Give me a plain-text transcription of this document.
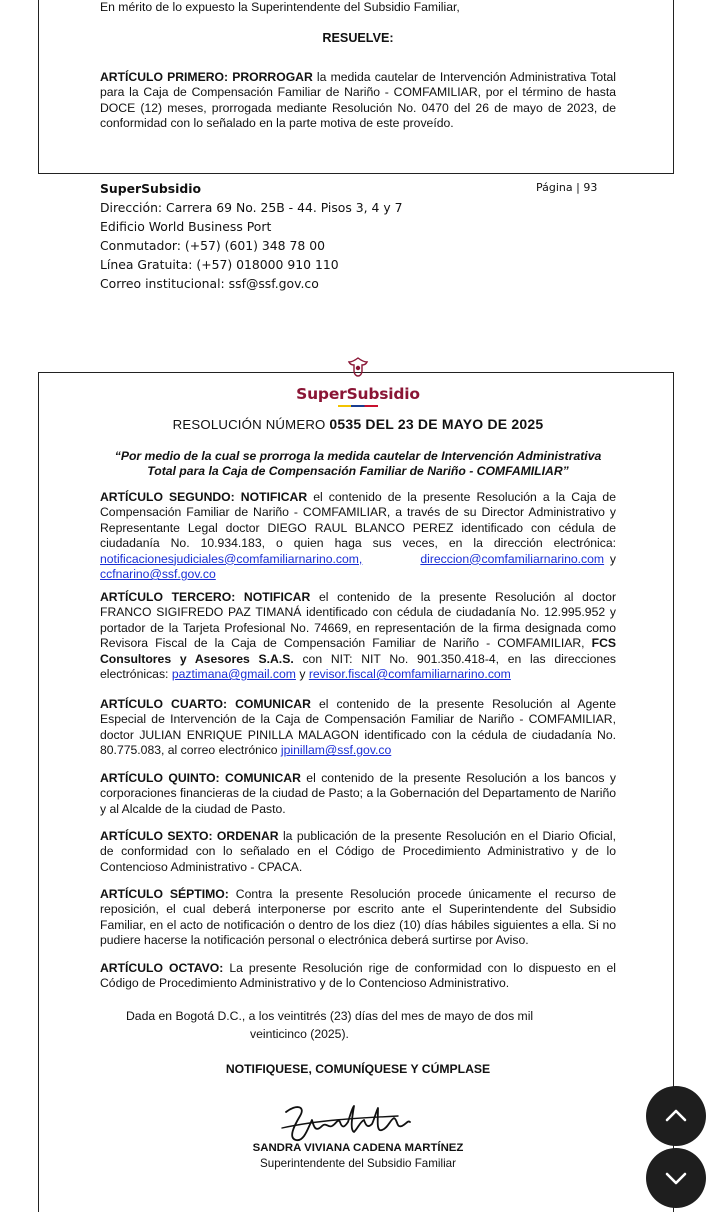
En mérito de lo expuesto la Superintendente del Subsidio Familiar,

RESUELVE:

ARTÍCULO PRIMERO: PRORROGAR la medida cautelar de Intervención Administrativa Total para la Caja de Compensación Familiar de Nariño - COMFAMILIAR, por el término de hasta DOCE (12) meses, prorrogada mediante Resolución No. 0470 del 26 de mayo de 2023, de conformidad con lo señalado en la parte motiva de este proveído.

SuperSubsidio
Dirección: Carrera 69 No. 25B - 44. Pisos 3, 4 y 7
Edificio World Business Port
Conmutador: (+57) (601) 348 78 00
Línea Gratuita: (+57) 018000 910 110
Correo institucional: ssf@ssf.gov.co
Página | 93
SuperSubsidio
RESOLUCIÓN NÚMERO 0535 DEL 23 DE MAYO DE 2025
“Por medio de la cual se prorroga la medida cautelar de Intervención Administrativa Total para la Caja de Compensación Familiar de Nariño - COMFAMILIAR”

ARTÍCULO SEGUNDO: NOTIFICAR el contenido de la presente Resolución a la Caja de Compensación Familiar de Nariño - COMFAMILIAR, a través de su Director Administrativo y Representante Legal doctor DIEGO RAUL BLANCO PEREZ identificado con cédula de ciudadanía No. 10.934.183, o quien haga sus veces, en la dirección electrónica: notificacionesjudiciales@comfamiliarnarino.com,	direccion@comfamiliarnarino.com y ccfnarino@ssf.gov.co

ARTÍCULO TERCERO: NOTIFICAR el contenido de la presente Resolución al doctor FRANCO SIGIFREDO PAZ TIMANÁ identificado con cédula de ciudadanía No. 12.995.952 y portador de la Tarjeta Profesional No. 74669, en representación de la firma designada como Revisora Fiscal de la Caja de Compensación Familiar de Nariño - COMFAMILIAR, FCS Consultores y Asesores S.A.S. con NIT: NIT No. 901.350.418-4, en las direcciones electrónicas: paztimana@gmail.com y revisor.fiscal@comfamiliarnarino.com

ARTÍCULO CUARTO: COMUNICAR el contenido de la presente Resolución al Agente Especial de Intervención de la Caja de Compensación Familiar de Nariño - COMFAMILIAR, doctor JULIAN ENRIQUE PINILLA MALAGON identificado con la cédula de ciudadanía No. 80.775.083, al correo electrónico jpinillam@ssf.gov.co

ARTÍCULO QUINTO: COMUNICAR el contenido de la presente Resolución a los bancos y corporaciones financieras de la ciudad de Pasto; a la Gobernación del Departamento de Nariño y al Alcalde de la ciudad de Pasto.

ARTÍCULO SEXTO: ORDENAR la publicación de la presente Resolución en el Diario Oficial, de conformidad con lo señalado en el Código de Procedimiento Administrativo y de lo Contencioso Administrativo - CPACA.

ARTÍCULO SÉPTIMO: Contra la presente Resolución procede únicamente el recurso de reposición, el cual deberá interponerse por escrito ante el Superintendente del Subsidio Familiar, en el acto de notificación o dentro de los diez (10) días hábiles siguientes a ella. Si no pudiere hacerse la notificación personal o electrónica deberá surtirse por Aviso.

ARTÍCULO OCTAVO: La presente Resolución rige de conformidad con lo dispuesto en el Código de Procedimiento Administrativo y de lo Contencioso Administrativo.

Dada en Bogotá D.C., a los veintitrés (23) días del mes de mayo de dos mil
veinticinco (2025).
NOTIFIQUESE, COMUNÍQUESE Y CÚMPLASE
SANDRA VIVIANA CADENA MARTÍNEZ
Superintendente del Subsidio Familiar
